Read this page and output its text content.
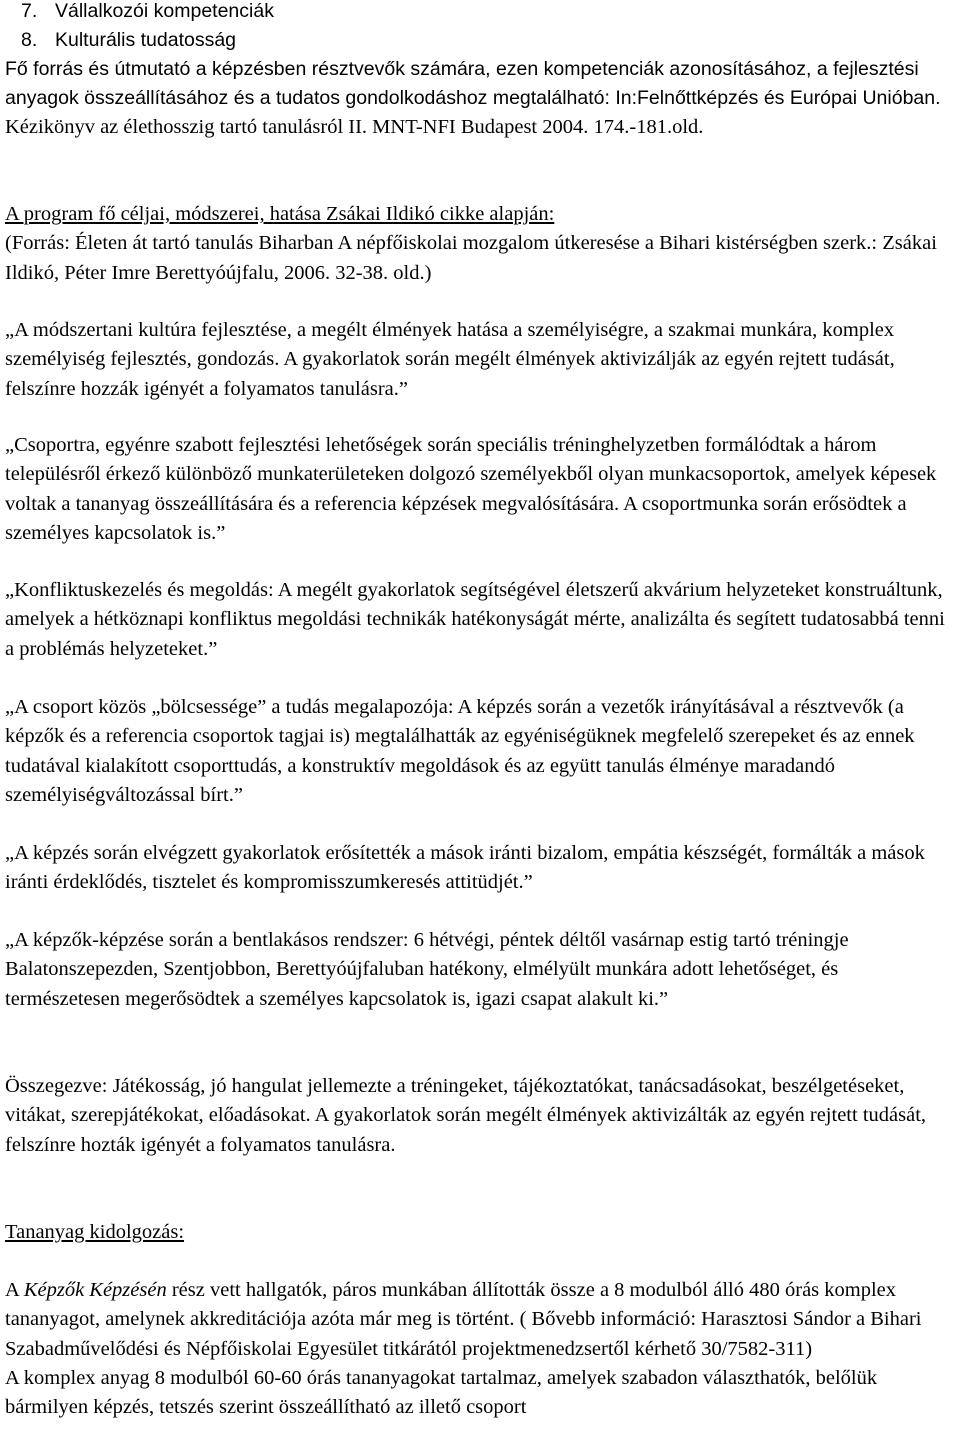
7. Vállalkozói kompetenciák
8. Kulturális tudatosság

Fő forrás és útmutató a képzésben résztvevők számára, ezen kompetenciák azonosításához, a fejlesztési anyagok összeállításához és a tudatos gondolkodáshoz megtalálható: In:Felnőttképzés és Európai Unióban. Kézikönyv az élethosszig tartó tanulásról II. MNT-NFI Budapest 2004. 174.-181.old.

A program fő céljai, módszerei, hatása Zsákai Ildikó cikke alapján:

(Forrás: Életen át tartó tanulás Biharban A népfőiskolai mozgalom útkeresése a Bihari kistérségben szerk.: Zsákai Ildikó, Péter Imre Berettyóújfalu, 2006. 32-38. old.)

„A módszertani kultúra fejlesztése, a megélt élmények hatása a személyiségre, a szakmai munkára, komplex személyiség fejlesztés, gondozás. A gyakorlatok során megélt élmények aktivizálják az egyén rejtett tudását, felszínre hozzák igényét a folyamatos tanulásra.”

„Csoportra, egyénre szabott fejlesztési lehetőségek során speciális tréninghelyzetben formálódtak a három településről érkező különböző munkaterületeken dolgozó személyekből olyan munkacsoportok, amelyek képesek voltak a tananyag összeállítására és a referencia képzések megvalósítására. A csoportmunka során erősödtek a személyes kapcsolatok is.”

„Konfliktuskezelés és megoldás: A megélt gyakorlatok segítségével életszerű akvárium helyzeteket konstruáltunk, amelyek a hétköznapi konfliktus megoldási technikák hatékonyságát mérte, analizálta és segített tudatosabbá tenni a problémás helyzeteket.”

„A csoport közös „bölcsessége” a tudás megalapozója: A képzés során a vezetők irányításával a résztvevők (a képzők és a referencia csoportok tagjai is) megtalálhatták az egyéniségüknek megfelelő szerepeket és az ennek tudatával kialakított csoporttudás, a konstruktív megoldások és az együtt tanulás élménye maradandó személyiségváltozással bírt.”

„A képzés során elvégzett gyakorlatok erősítették a mások iránti bizalom, empátia készségét, formálták a mások iránti érdeklődés, tisztelet és kompromisszumkeresés attitüdjét.”

„A képzők-képzése során a bentlakásos rendszer: 6 hétvégi, péntek déltől vasárnap estig tartó tréningje Balatonszepezden, Szentjobbon, Berettyóújfaluban hatékony, elmélyült munkára adott lehetőséget, és természetesen megerősödtek a személyes kapcsolatok is, igazi csapat alakult ki.”

Összegezve: Játékosság, jó hangulat jellemezte a tréningeket, tájékoztatókat, tanácsadásokat, beszélgetéseket, vitákat, szerepjátékokat, előadásokat. A gyakorlatok során megélt élmények aktivizálták az egyén rejtett tudását, felszínre hozták igényét a folyamatos tanulásra.

Tananyag kidolgozás:

A Képzők Képzésén rész vett hallgatók, páros munkában állították össze a 8 modulból álló 480 órás komplex tananyagot, amelynek akkreditációja azóta már meg is történt. ( Bővebb információ: Harasztosi Sándor a Bihari Szabadművelődési és Népfőiskolai Egyesület titkárától projektmenedzsertől kérhető 30/7582-311)

A komplex anyag 8 modulból 60-60 órás tananyagokat tartalmaz, amelyek szabadon választhatók, belőlük bármilyen képzés, tetszés szerint összeállítható az illető csoport
